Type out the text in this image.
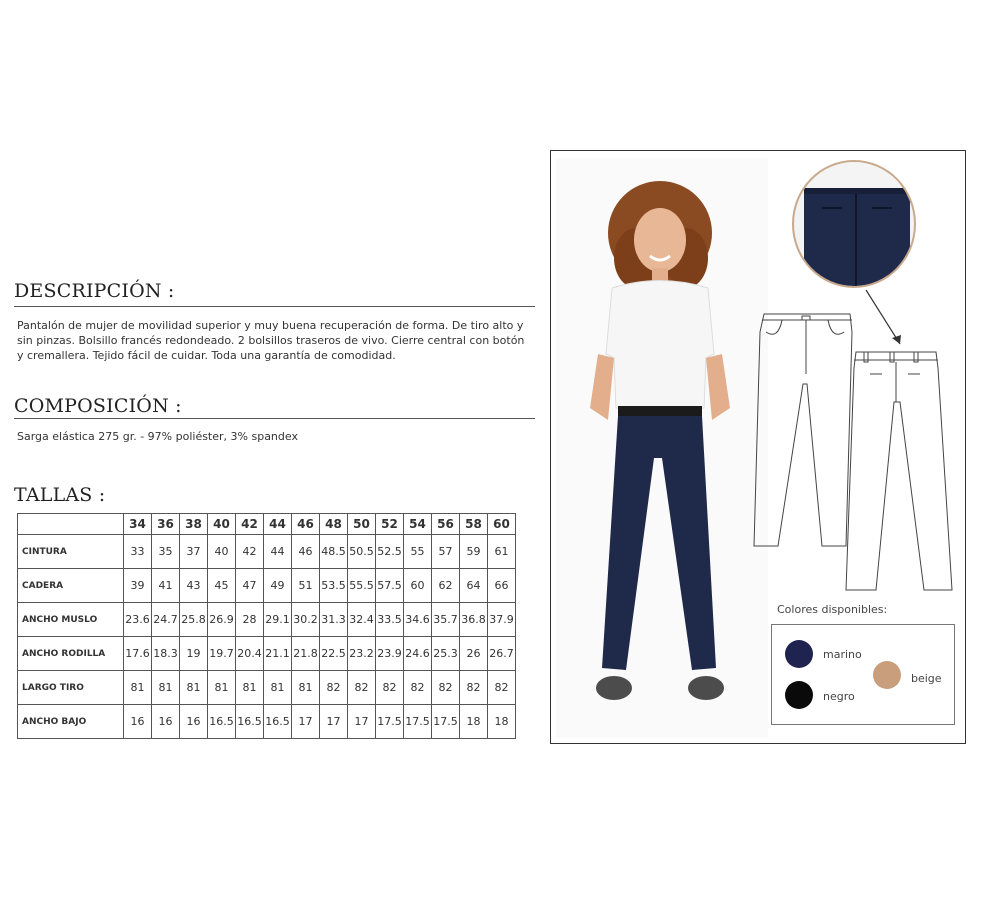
DESCRIPCIÓN :

Pantalón de mujer de movilidad superior y muy buena recuperación de forma. De tiro alto y sin pinzas. Bolsillo francés redondeado. 2 bolsillos traseros de vivo. Cierre central con botón y cremallera. Tejido fácil de cuidar. Toda una garantía de comodidad.

COMPOSICIÓN :

Sarga elástica 275 gr. - 97% poliéster, 3% spandex

TALLAS :
	34	36	38	40	42	44	46	48	50	52	54	56	58	60
CINTURA	33	35	37	40	42	44	46	48.5	50.5	52.5	55	57	59	61
CADERA	39	41	43	45	47	49	51	53.5	55.5	57.5	60	62	64	66
ANCHO MUSLO	23.6	24.7	25.8	26.9	28	29.1	30.2	31.3	32.4	33.5	34.6	35.7	36.8	37.9
ANCHO RODILLA	17.6	18.3	19	19.7	20.4	21.1	21.8	22.5	23.2	23.9	24.6	25.3	26	26.7
LARGO TIRO	81	81	81	81	81	81	81	82	82	82	82	82	82	82
ANCHO BAJO	16	16	16	16.5	16.5	16.5	17	17	17	17.5	17.5	17.5	18	18
Colores disponibles:
marino
negro
beige
